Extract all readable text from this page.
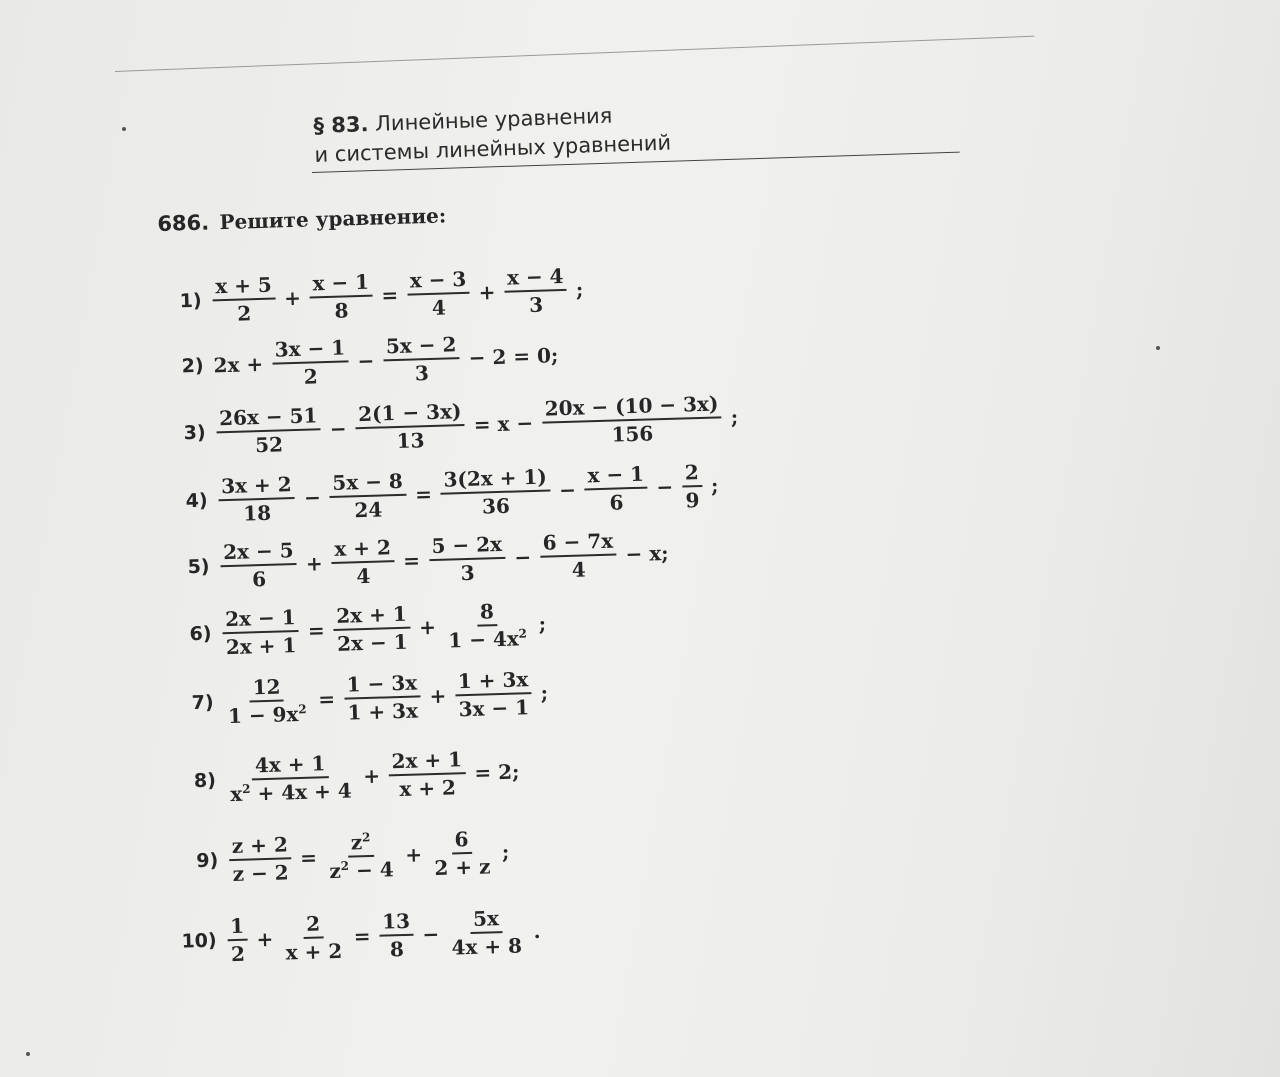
§ 83. Линейные уравнения
и системы линейных уравнений
686. Решите уравнение:
$1) \frac{x + 5}{2} + \frac{x - 1}{8} = \frac{x - 3}{4} + \frac{x - 4}{3}$ ;
2) $2x + \frac{3x - 1}{2} - \frac{5x - 2}{3} - 2 = 0$;
$3) \frac{26x - 51}{52} - \frac{2(1 - 3x)}{13} = x - \frac{20x - (10 - 3x)}{156}$ ;
$4) \frac{3x + 2}{18} - \frac{5x - 8}{24} = \frac{3(2x + 1)}{36} - \frac{x - 1}{6} - \frac{2}{9}$ ;
$5) \frac{2x - 5}{6} + \frac{x + 2}{4} = \frac{5 - 2x}{3} - \frac{6 - 7x}{4} - x$;
$6) \frac{2x - 1}{2x + 1} = \frac{2x + 1}{2x - 1} + \frac{8}{1 - 4x^2}$ ;
$7) \frac{12}{1 - 9x^2} = \frac{1 - 3x}{1 + 3x} + \frac{1 + 3x}{3x - 1}$ ;
$8) \frac{4x + 1}{x^2 + 4x + 4} + \frac{2x + 1}{x + 2} = 2$;
$9) \frac{z + 2}{z - 2} = \frac{z^2}{z^2 - 4} + \frac{6}{2 + z}$ ;
$10) \frac{1}{2} + \frac{2}{x + 2} = \frac{13}{8} - \frac{5x}{4x + 8}$ .
